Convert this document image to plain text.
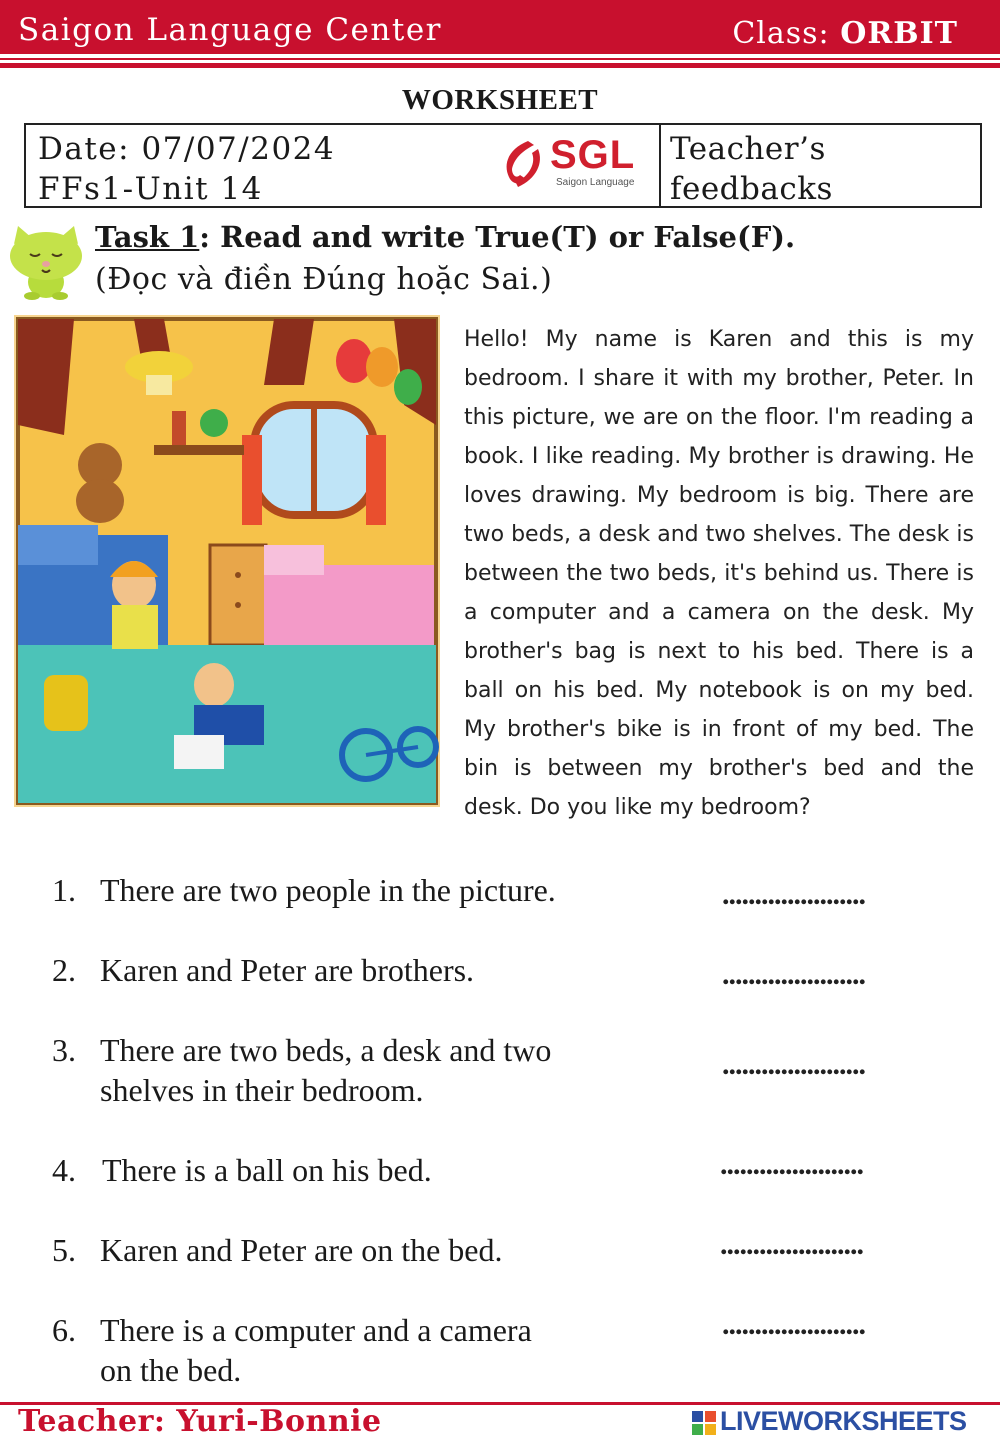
Saigon Language Center	Class: ORBIT
WORKSHEET
Date: 07/07/2024
FFs1-Unit 14
SGL
Saigon Language
Teacher’s
feedbacks
Task 1: Read and write True(T) or False(F).
(Đọc và điền Đúng hoặc Sai.)
Hello! My name is Karen and this is my bedroom. I share it with my brother, Peter. In this picture, we are on the floor. I'm reading a book. I like reading. My brother is drawing. He loves drawing. My bedroom is big. There are two beds, a desk and two shelves. The desk is between the two beds, it's behind us. There is a computer and a camera on the desk. My brother's bag is next to his bed. There is a ball on his bed. My notebook is on my bed. My brother's bike is in front of my bed. The bin is between my brother's bed and the desk. Do you like my bedroom?
1. There are two people in the picture.	......................
2. Karen and Peter are brothers.	......................
3. There are two beds, a desk and two
shelves in their bedroom.
......................
4. There is a ball on his bed.	......................
5. Karen and Peter are on the bed.	......................
6. There is a computer and a camera
on the bed.
......................
Teacher: Yuri-Bonnie	LIVEWORKSHEETS
